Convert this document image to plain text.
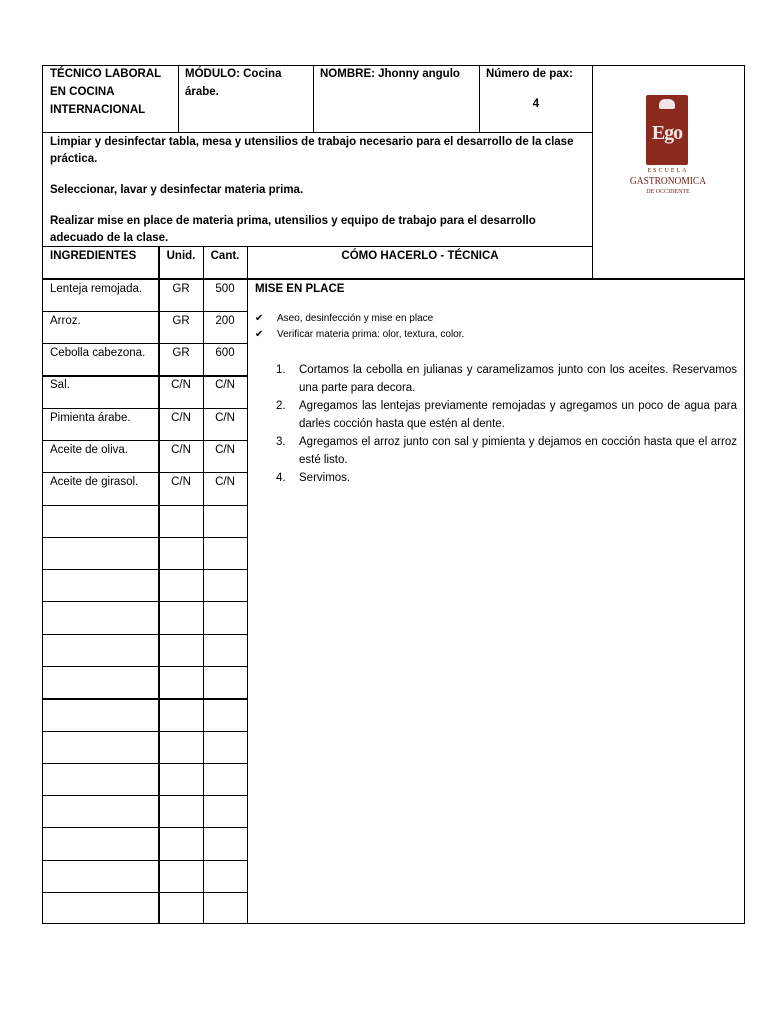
TÉCNICO LABORAL EN COCINA INTERNACIONAL
MÓDULO: Cocina árabe.
NOMBRE: Jhonny angulo	Número de pax:
4
Ego
ESCUELA
GASTRONOMICA
DE OCCIDENTE
Limpiar y desinfectar tabla, mesa y utensilios de trabajo necesario para el desarrollo de la clase práctica.
Seleccionar, lavar y desinfectar materia prima.
Realizar mise en place de materia prima, utensilios y equipo de trabajo para el desarrollo adecuado de la clase.
INGREDIENTES	Unid.	Cant.	CÓMO HACERLO - TÉCNICA
Lenteja remojada.	GR	500
Arroz.	GR	200
Cebolla cabezona.	GR	600
Sal.	C/N	C/N
Pimienta árabe.	C/N	C/N
Aceite de oliva.	C/N	C/N
Aceite de girasol.	C/N	C/N
MISE EN PLACE
✔ Aseo, desinfección y mise en place
✔ Verificar materia prima: olor, textura, color.
1.	Cortamos la cebolla en julianas y caramelizamos junto con los aceites. Reservamos una parte para decora.
2.	Agregamos las lentejas previamente remojadas y agregamos un poco de agua para darles cocción hasta que estén al dente.
3.	Agregamos el arroz junto con sal y pimienta y dejamos en cocción hasta que el arroz esté listo.
4.	Servimos.
